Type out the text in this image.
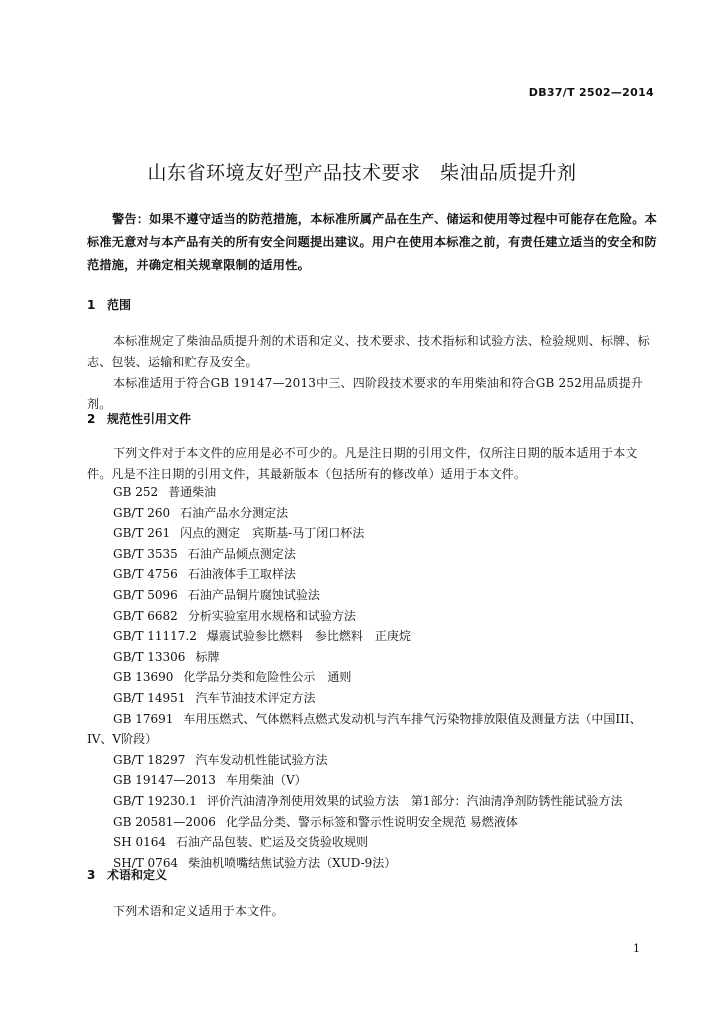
DB37/T 2502—2014
山东省环境友好型产品技术要求　柴油品质提升剂
警告：如果不遵守适当的防范措施，本标准所属产品在生产、储运和使用等过程中可能存在危险。本标准无意对与本产品有关的所有安全问题提出建议。用户在使用本标准之前，有责任建立适当的安全和防范措施，并确定相关规章限制的适用性。
1 范围
本标准规定了柴油品质提升剂的术语和定义、技术要求、技术指标和试验方法、检验规则、标牌、标志、包装、运输和贮存及安全。
本标准适用于符合GB 19147—2013中三、四阶段技术要求的车用柴油和符合GB 252用品质提升剂。
2 规范性引用文件
下列文件对于本文件的应用是必不可少的。凡是注日期的引用文件，仅所注日期的版本适用于本文件。凡是不注日期的引用文件，其最新版本（包括所有的修改单）适用于本文件。
GB 252 普通柴油
GB/T 260 石油产品水分测定法
GB/T 261 闪点的测定　宾斯基-马丁闭口杯法
GB/T 3535 石油产品倾点测定法
GB/T 4756 石油液体手工取样法
GB/T 5096 石油产品铜片腐蚀试验法
GB/T 6682 分析实验室用水规格和试验方法
GB/T 11117.2 爆震试验参比燃料　参比燃料　正庚烷
GB/T 13306 标牌
GB 13690 化学品分类和危险性公示　通则
GB/T 14951 汽车节油技术评定方法
GB 17691 车用压燃式、气体燃料点燃式发动机与汽车排气污染物排放限值及测量方法（中国III、IV、V阶段）
GB/T 18297 汽车发动机性能试验方法
GB 19147—2013 车用柴油（V）
GB/T 19230.1 评价汽油清净剂使用效果的试验方法　第1部分：汽油清净剂防锈性能试验方法
GB 20581—2006 化学品分类、警示标签和警示性说明安全规范 易燃液体
SH 0164 石油产品包装、贮运及交货验收规则
SH/T 0764 柴油机喷嘴结焦试验方法（XUD-9法）
3 术语和定义
下列术语和定义适用于本文件。
1
